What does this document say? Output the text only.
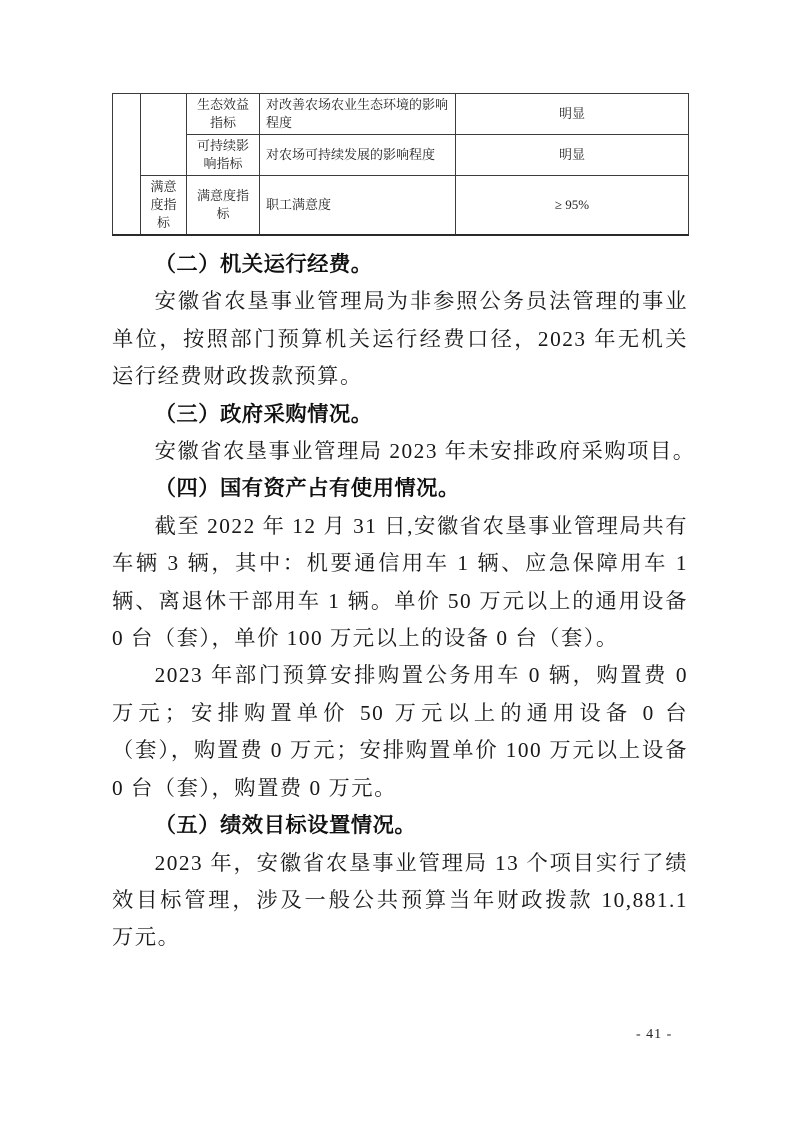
		生态效益指标	对改善农场农业生态环境的影响程度	明显
		可持续影响指标	对农场可持续发展的影响程度	明显
	满意度指标	满意度指标	职工满意度	≥ 95%
（二）机关运行经费。

安徽省农垦事业管理局为非参照公务员法管理的事业单位，按照部门预算机关运行经费口径，2023 年无机关运行经费财政拨款预算。

（三）政府采购情况。

安徽省农垦事业管理局 2023 年未安排政府采购项目。

（四）国有资产占有使用情况。

截至 2022 年 12 月 31 日,安徽省农垦事业管理局共有车辆 3 辆，其中：机要通信用车 1 辆、应急保障用车 1 辆、离退休干部用车 1 辆。单价 50 万元以上的通用设备 0 台（套），单价 100 万元以上的设备 0 台（套）。

2023 年部门预算安排购置公务用车 0 辆，购置费 0 万元；安排购置单价 50 万元以上的通用设备 0 台（套），购置费 0 万元；安排购置单价 100 万元以上设备 0 台（套），购置费 0 万元。

（五）绩效目标设置情况。

2023 年，安徽省农垦事业管理局 13 个项目实行了绩效目标管理，涉及一般公共预算当年财政拨款 10,881.1 万元。

- 41 -
